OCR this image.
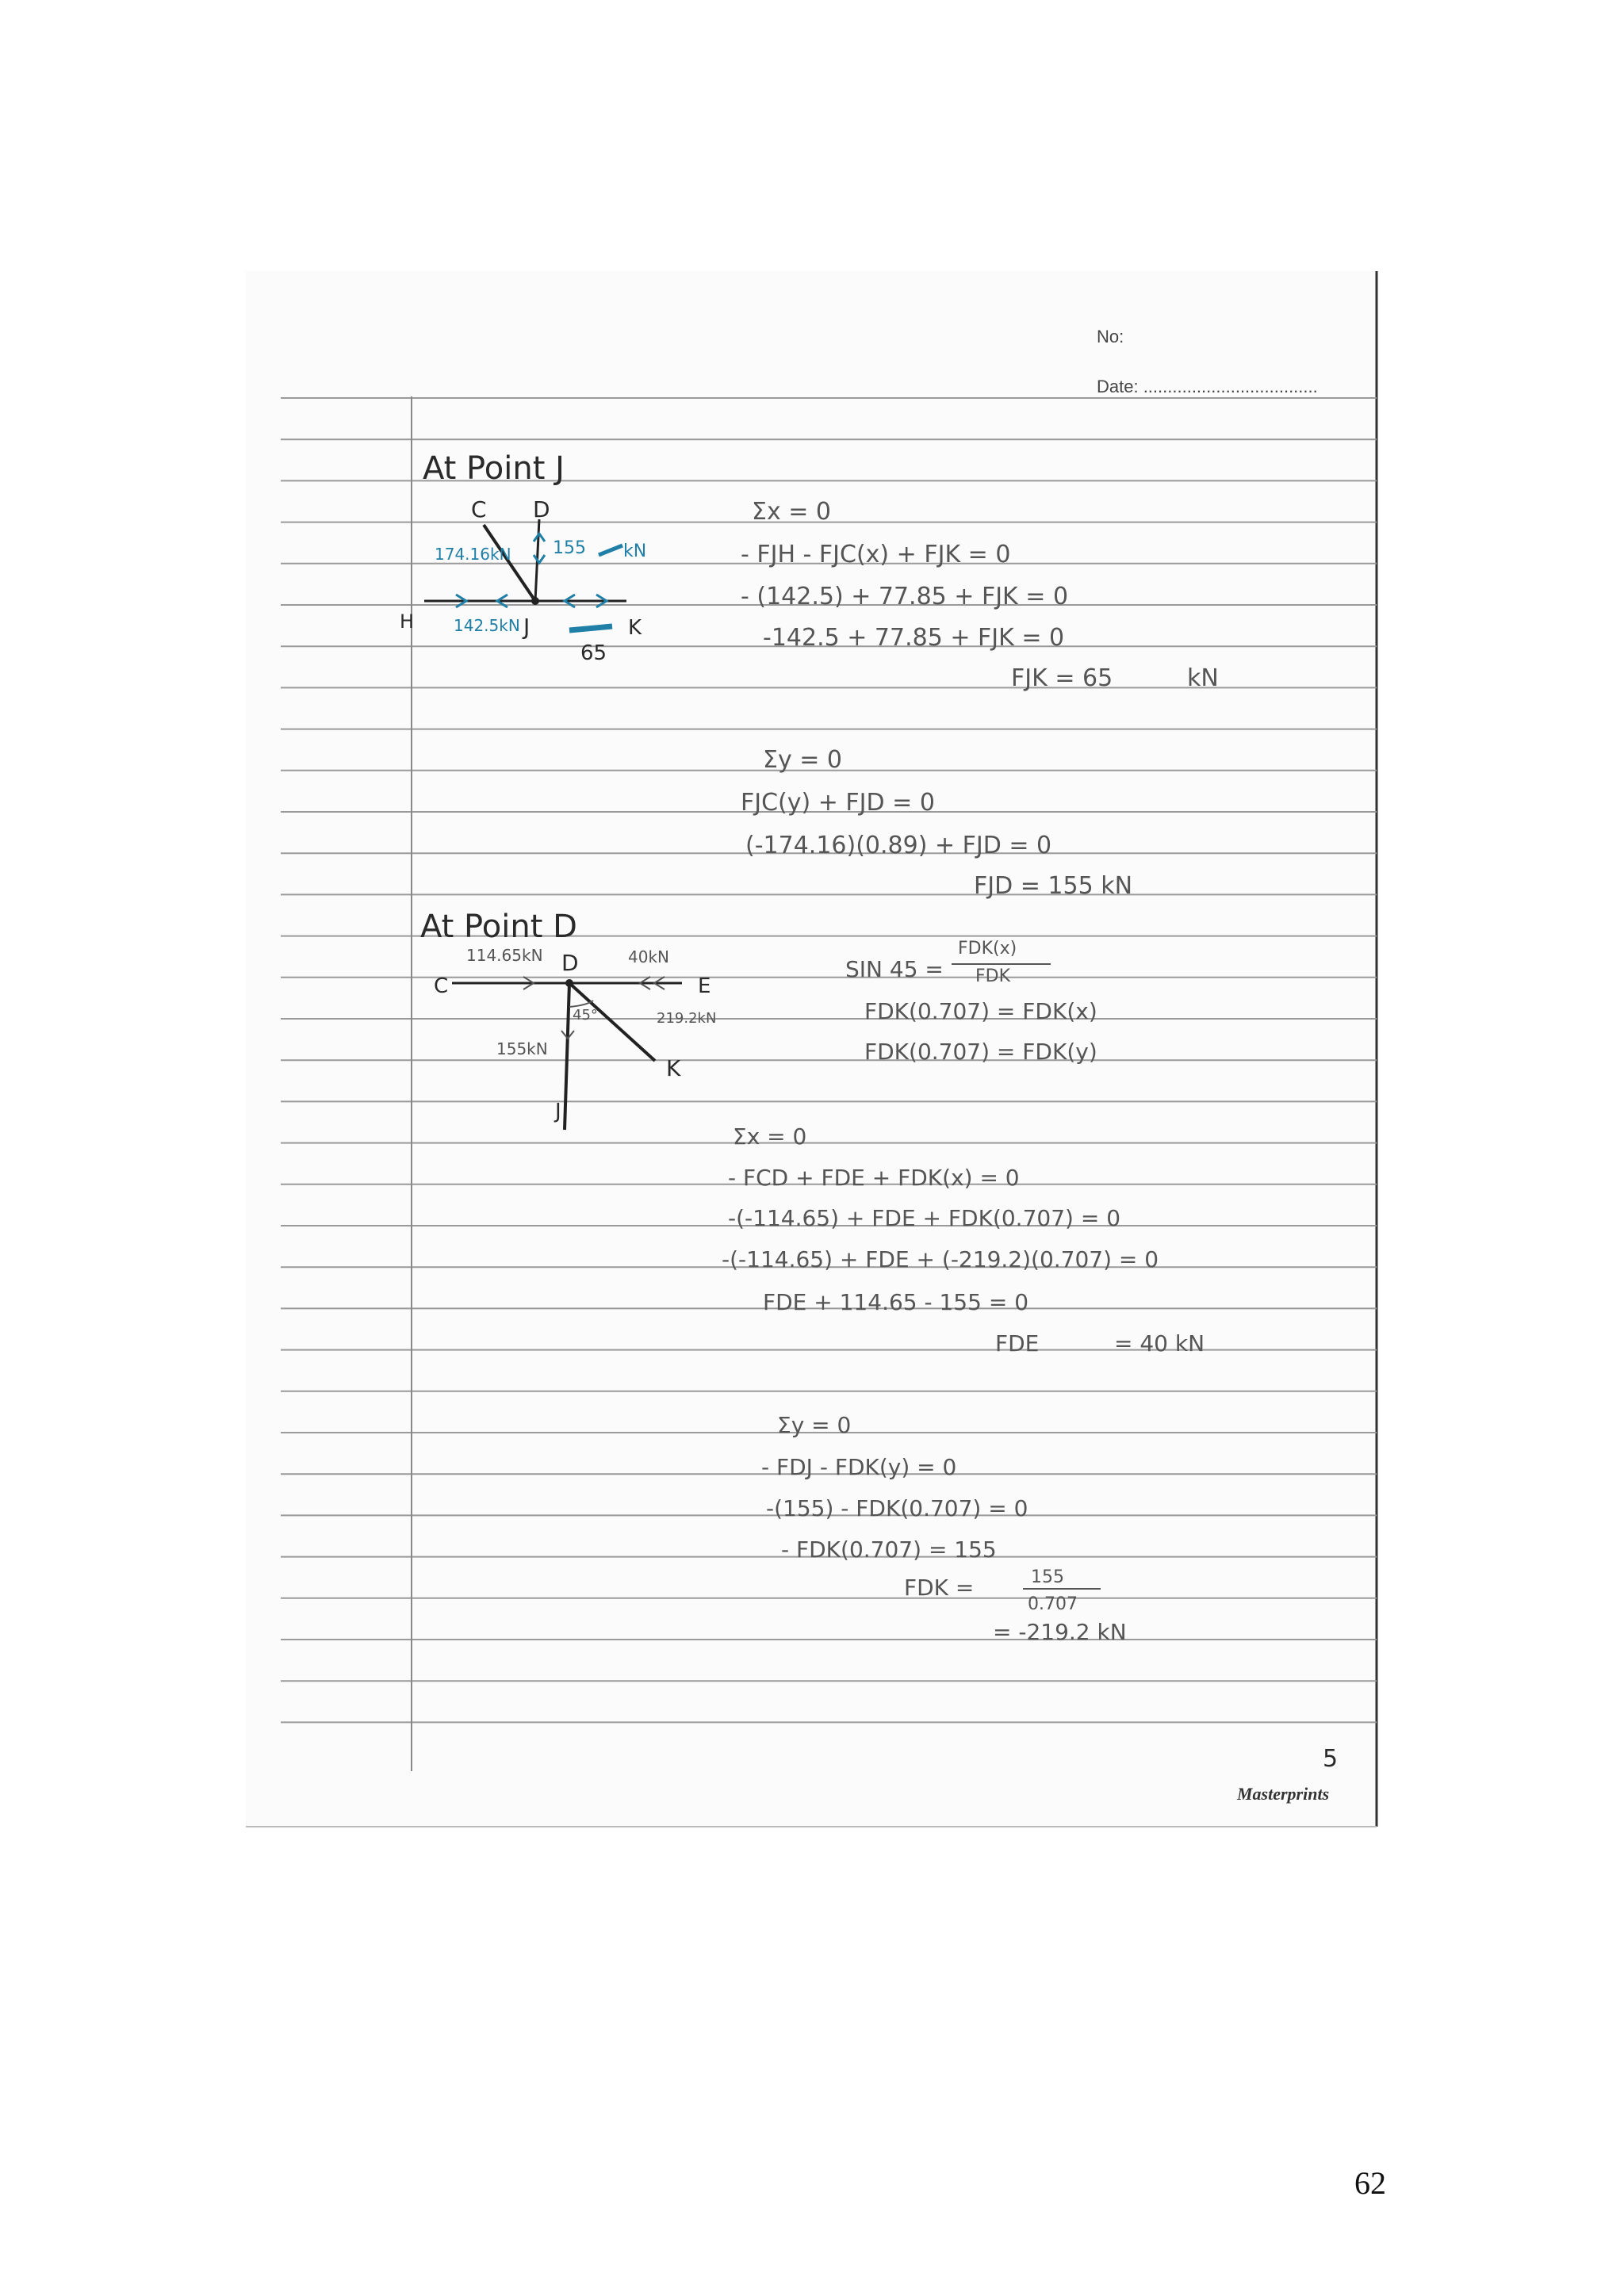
No:
Date: ....................................
At Point J
C D
H	J	K
174.16kN 155 kN
142.5kN
65
Σx = 0
- FJH - FJC(x) + FJK = 0
- (142.5) + 77.85 + FJK = 0
-142.5 + 77.85 + FJK = 0
FJK = 65	kN
Σy = 0
FJC(y) + FJD = 0
(-174.16)(0.89) + FJD = 0
FJD = 155 kN
At Point D
C
D
E
J
K
114.65kN	40kN
45°	219.2kN
155kN
SIN 45 =
FDK(x)
FDK
FDK(0.707) = FDK(x)
FDK(0.707) = FDK(y)
Σx = 0
- FCD + FDE + FDK(x) = 0
-(-114.65) + FDE + FDK(0.707) = 0
-(-114.65) + FDE + (-219.2)(0.707) = 0
FDE + 114.65 - 155 = 0
FDE	= 40 kN
Σy = 0
- FDJ - FDK(y) = 0
-(155) - FDK(0.707) = 0
- FDK(0.707) = 155
FDK =	155
0.707
= -219.2 kN
5
Masterprints
62
